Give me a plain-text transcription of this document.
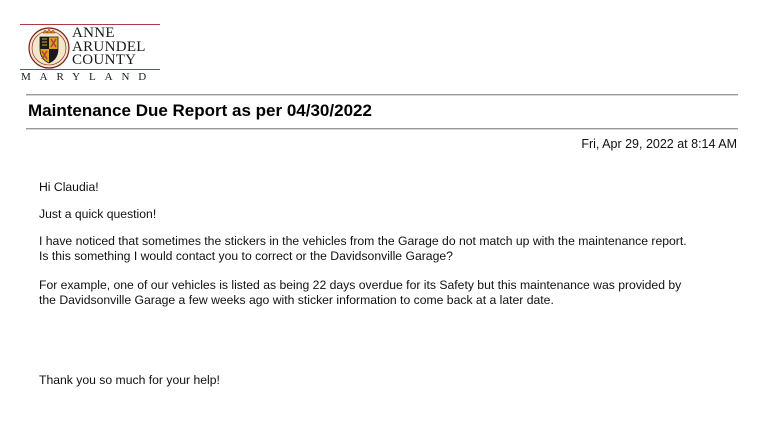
ANNE
ARUNDEL
COUNTY
MARYLAND
Maintenance Due Report as per 04/30/2022
Fri, Apr 29, 2022 at 8:14 AM

Hi Claudia!

Just a quick question!

I have noticed that sometimes the stickers in the vehicles from the Garage do not match up with the maintenance report.

Is this something I would contact you to correct or the Davidsonville Garage?

For example, one of our vehicles is listed as being 22 days overdue for its Safety but this maintenance was provided by

the Davidsonville Garage a few weeks ago with sticker information to come back at a later date.

Thank you so much for your help!
